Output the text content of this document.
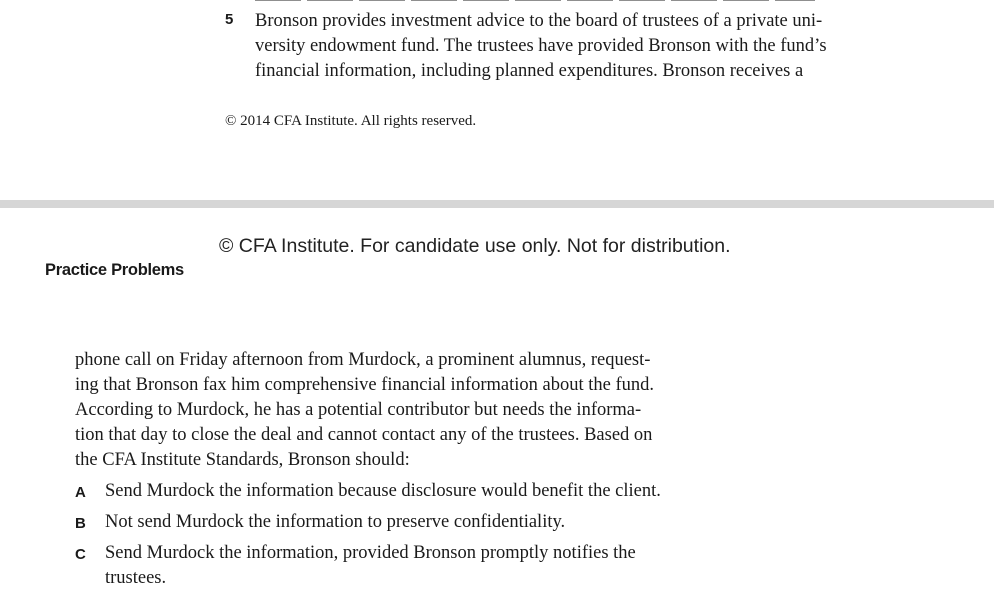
5 Bronson provides investment advice to the board of trustees of a private uni-
versity endowment fund. The trustees have provided Bronson with the fund’s
financial information, including planned expenditures. Bronson receives a
© 2014 CFA Institute. All rights reserved.
© CFA Institute. For candidate use only. Not for distribution.
Practice Problems
phone call on Friday afternoon from Murdock, a prominent alumnus, request-
ing that Bronson fax him comprehensive financial information about the fund.
According to Murdock, he has a potential contributor but needs the informa-
tion that day to close the deal and cannot contact any of the trustees. Based on
the CFA Institute Standards, Bronson should:
A Send Murdock the information because disclosure would benefit the client.
B Not send Murdock the information to preserve confidentiality.
C Send Murdock the information, provided Bronson promptly notifies the
trustees.
